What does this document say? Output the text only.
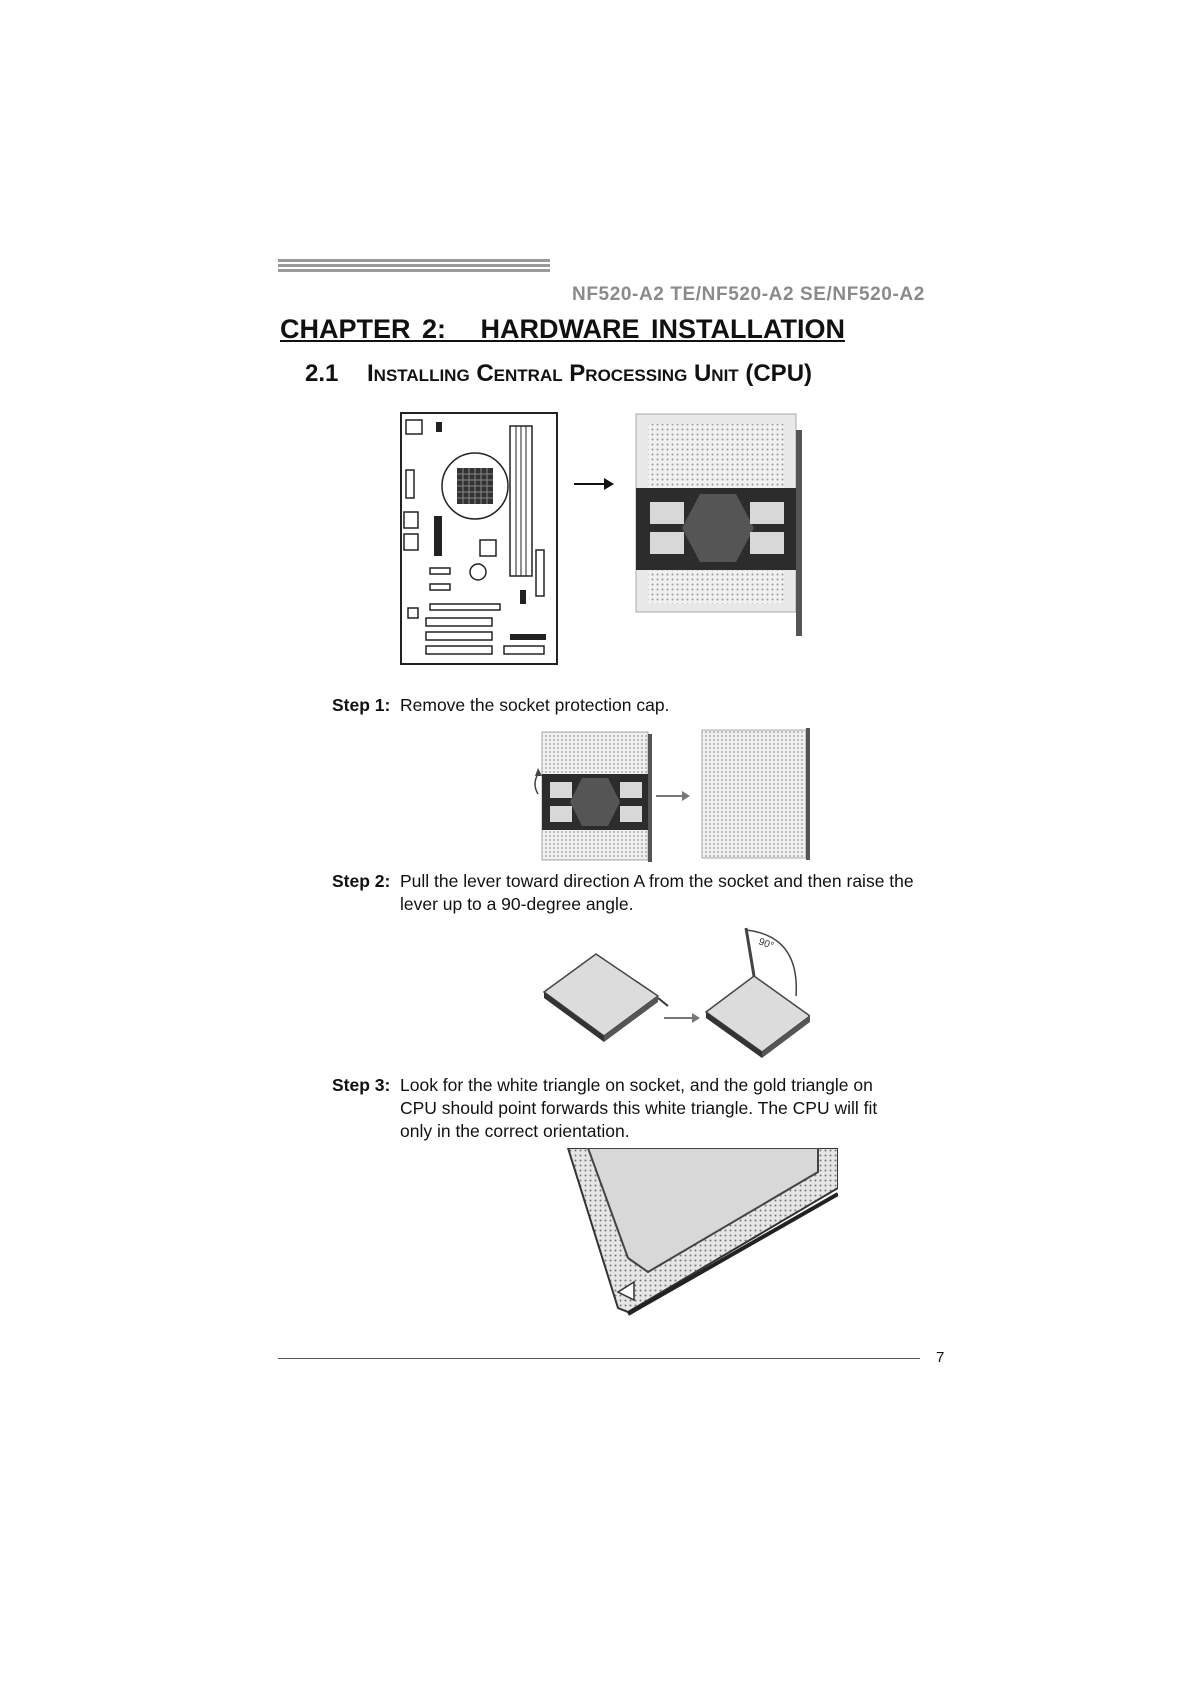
NF520-A2 TE/NF520-A2 SE/NF520-A2
CHAPTER 2:   HARDWARE INSTALLATION
2.1 Installing Central Processing Unit (CPU)
Step 1: Remove the socket protection cap.
Step 2: Pull the lever toward direction A from the socket and then raise the
lever up to a 90-degree angle.
90°
Step 3: Look for the white triangle on socket, and the gold triangle on
CPU should point forwards this white triangle. The CPU will fit
only in the correct orientation.
7
